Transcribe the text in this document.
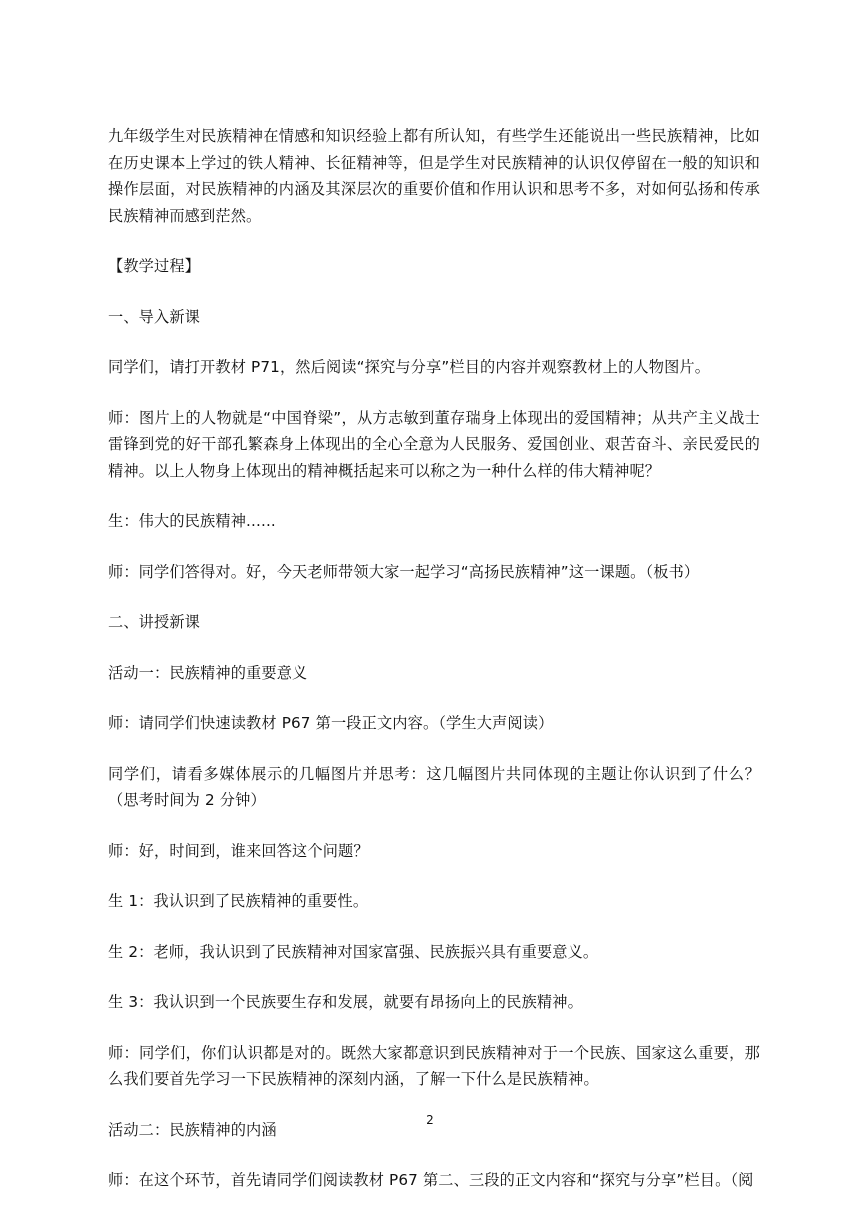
九年级学生对民族精神在情感和知识经验上都有所认知，有些学生还能说出一些民族精神，比如在历史课本上学过的铁人精神、长征精神等，但是学生对民族精神的认识仅停留在一般的知识和操作层面，对民族精神的内涵及其深层次的重要价值和作用认识和思考不多，对如何弘扬和传承民族精神而感到茫然。

【教学过程】

一、导入新课

同学们，请打开教材 P71，然后阅读“探究与分享”栏目的内容并观察教材上的人物图片。

师：图片上的人物就是“中国脊梁”，从方志敏到董存瑞身上体现出的爱国精神；从共产主义战士雷锋到党的好干部孔繁森身上体现出的全心全意为人民服务、爱国创业、艰苦奋斗、亲民爱民的精神。以上人物身上体现出的精神概括起来可以称之为一种什么样的伟大精神呢？

生：伟大的民族精神......

师：同学们答得对。好，今天老师带领大家一起学习“高扬民族精神”这一课题。（板书）

二、讲授新课

活动一：民族精神的重要意义

师：请同学们快速读教材 P67 第一段正文内容。（学生大声阅读）

同学们，请看多媒体展示的几幅图片并思考：这几幅图片共同体现的主题让你认识到了什么？（思考时间为 2 分钟）

师：好，时间到，谁来回答这个问题？

生 1：我认识到了民族精神的重要性。

生 2：老师，我认识到了民族精神对国家富强、民族振兴具有重要意义。

生 3：我认识到一个民族要生存和发展，就要有昂扬向上的民族精神。

师：同学们，你们认识都是对的。既然大家都意识到民族精神对于一个民族、国家这么重要，那么我们要首先学习一下民族精神的深刻内涵，了解一下什么是民族精神。

活动二：民族精神的内涵

师：在这个环节，首先请同学们阅读教材 P67 第二、三段的正文内容和“探究与分享”栏目。（阅

2
